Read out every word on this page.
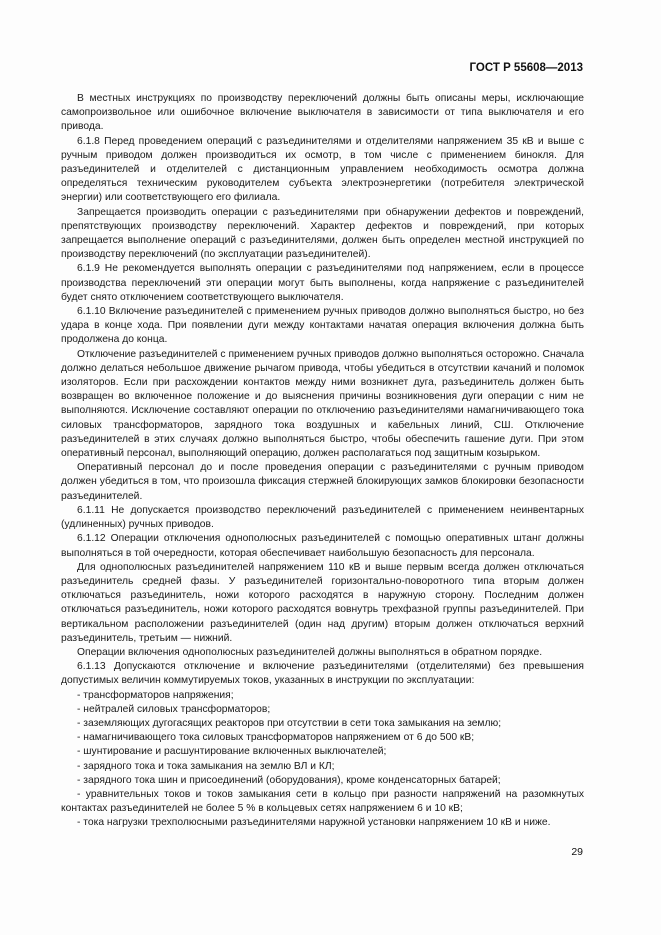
ГОСТ Р 55608—2013

В местных инструкциях по производству переключений должны быть описаны меры, исключающие самопроизвольное или ошибочное включение выключателя в зависимости от типа выключателя и его привода.

6.1.8 Перед проведением операций с разъединителями и отделителями напряжением 35 кВ и выше с ручным приводом должен производиться их осмотр, в том числе с применением бинокля. Для разъединителей и отделителей с дистанционным управлением необходимость осмотра должна определяться техническим руководителем субъекта электроэнергетики (потребителя электрической энергии) или соответствующего его филиала.

Запрещается производить операции с разъединителями при обнаружении дефектов и повреждений, препятствующих производству переключений. Характер дефектов и повреждений, при которых запрещается выполнение операций с разъединителями, должен быть определен местной инструкцией по производству переключений (по эксплуатации разъединителей).

6.1.9 Не рекомендуется выполнять операции с разъединителями под напряжением, если в процессе производства переключений эти операции могут быть выполнены, когда напряжение с разъединителей будет снято отключением соответствующего выключателя.

6.1.10 Включение разъединителей с применением ручных приводов должно выполняться быстро, но без удара в конце хода. При появлении дуги между контактами начатая операция включения должна быть продолжена до конца.

Отключение разъединителей с применением ручных приводов должно выполняться осторожно. Сначала должно делаться небольшое движение рычагом привода, чтобы убедиться в отсутствии качаний и поломок изоляторов. Если при расхождении контактов между ними возникнет дуга, разъединитель должен быть возвращен во включенное положение и до выяснения причины возникновения дуги операции с ним не выполняются. Исключение составляют операции по отключению разъединителями намагничивающего тока силовых трансформаторов, зарядного тока воздушных и кабельных линий, СШ. Отключение разъединителей в этих случаях должно выполняться быстро, чтобы обеспечить гашение дуги. При этом оперативный персонал, выполняющий операцию, должен располагаться под защитным козырьком.

Оперативный персонал до и после проведения операции с разъединителями с ручным приводом должен убедиться в том, что произошла фиксация стержней блокирующих замков блокировки безопасности разъединителей.

6.1.11 Не допускается производство переключений разъединителей с применением неинвентарных (удлиненных) ручных приводов.

6.1.12 Операции отключения однополюсных разъединителей с помощью оперативных штанг должны выполняться в той очередности, которая обеспечивает наибольшую безопасность для персонала.

Для однополюсных разъединителей напряжением 110 кВ и выше первым всегда должен отключаться разъединитель средней фазы. У разъединителей горизонтально-поворотного типа вторым должен отключаться разъединитель, ножи которого расходятся в наружную сторону. Последним должен отключаться разъединитель, ножи которого расходятся вовнутрь трехфазной группы разъединителей. При вертикальном расположении разъединителей (один над другим) вторым должен отключаться верхний разъединитель, третьим — нижний.

Операции включения однополюсных разъединителей должны выполняться в обратном порядке.

6.1.13 Допускаются отключение и включение разъединителями (отделителями) без превышения допустимых величин коммутируемых токов, указанных в инструкции по эксплуатации:

- трансформаторов напряжения;

- нейтралей силовых трансформаторов;

- заземляющих дугогасящих реакторов при отсутствии в сети тока замыкания на землю;

- намагничивающего тока силовых трансформаторов напряжением от 6 до 500 кВ;

- шунтирование и расшунтирование включенных выключателей;

- зарядного тока и тока замыкания на землю ВЛ и КЛ;

- зарядного тока шин и присоединений (оборудования), кроме конденсаторных батарей;

- уравнительных токов и токов замыкания сети в кольцо при разности напряжений на разомкнутых контактах разъединителей не более 5 % в кольцевых сетях напряжением 6 и 10 кВ;

- тока нагрузки трехполюсными разъединителями наружной установки напряжением 10 кВ и ниже.

29
